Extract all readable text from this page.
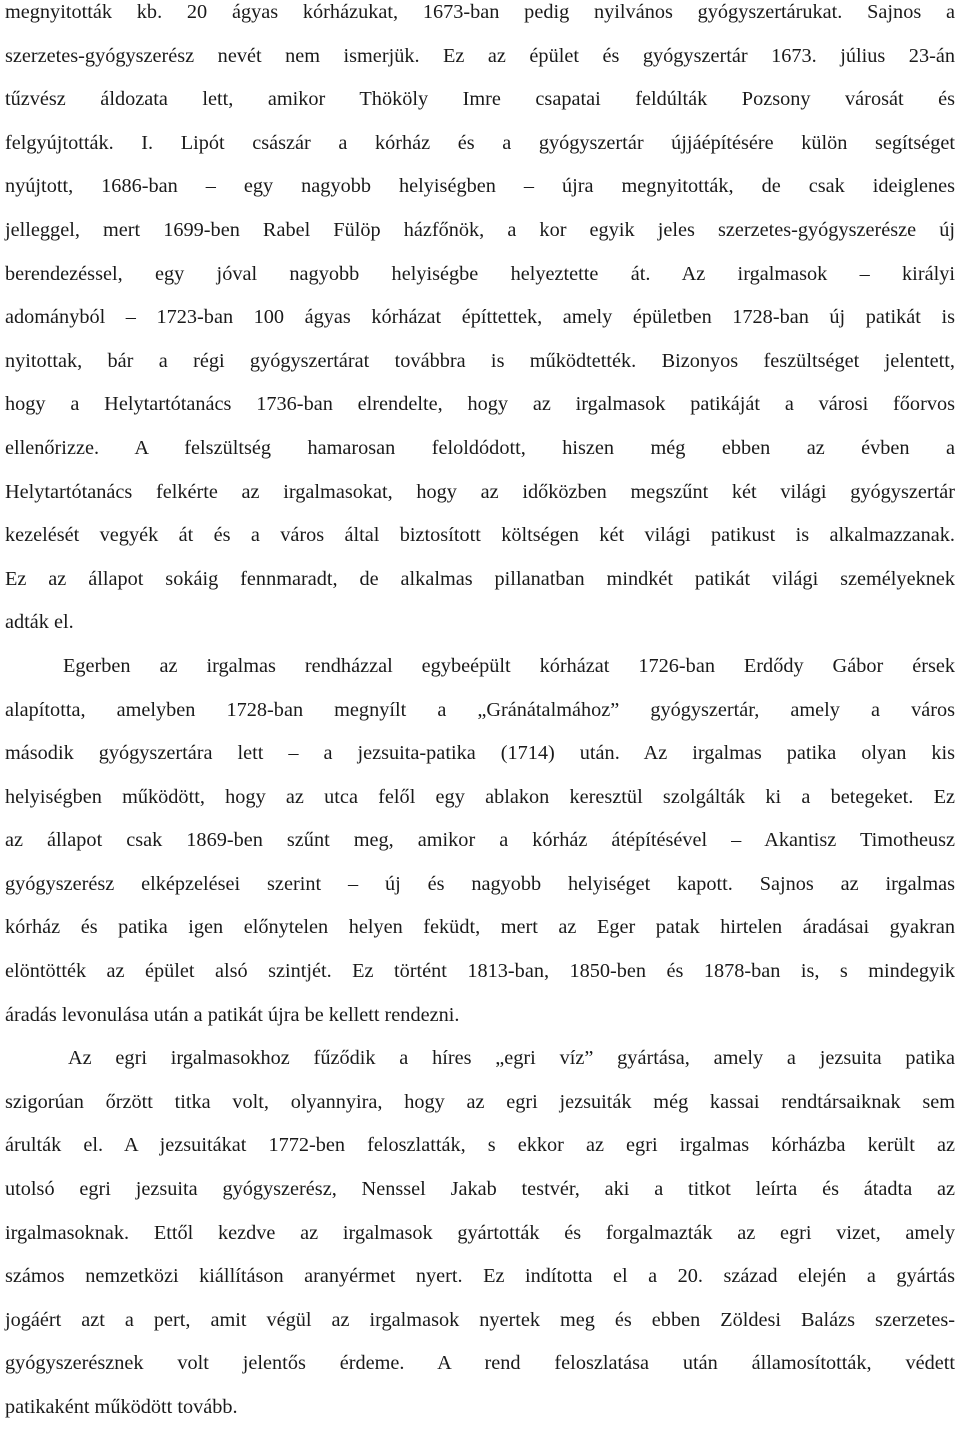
megnyitották kb. 20 ágyas kórházukat, 1673-ban pedig nyilvános gyógyszertárukat. Sajnos a
szerzetes-gyógyszerész nevét nem ismerjük. Ez az épület és gyógyszertár 1673. július 23-án
tűzvész áldozata lett, amikor Thököly Imre csapatai feldúlták Pozsony városát és
felgyújtották. I. Lipót császár a kórház és a gyógyszertár újjáépítésére külön segítséget
nyújtott, 1686-ban – egy nagyobb helyiségben – újra megnyitották, de csak ideiglenes
jelleggel, mert 1699-ben Rabel Fülöp házfőnök, a kor egyik jeles szerzetes-gyógyszerésze új
berendezéssel, egy jóval nagyobb helyiségbe helyeztette át. Az irgalmasok – királyi
adományból – 1723-ban 100 ágyas kórházat építtettek, amely épületben 1728-ban új patikát is
nyitottak, bár a régi gyógyszertárat továbbra is működtették. Bizonyos feszültséget jelentett,
hogy a Helytartótanács 1736-ban elrendelte, hogy az irgalmasok patikáját a városi főorvos
ellenőrizze. A felszültség hamarosan feloldódott, hiszen még ebben az évben a
Helytartótanács felkérte az irgalmasokat, hogy az időközben megszűnt két világi gyógyszertár
kezelését vegyék át és a város által biztosított költségen két világi patikust is alkalmazzanak.
Ez az állapot sokáig fennmaradt, de alkalmas pillanatban mindkét patikát világi személyeknek
adták el.
Egerben az irgalmas rendházzal egybeépült kórházat 1726-ban Erdődy Gábor érsek
alapította, amelyben 1728-ban megnyílt a „Gránátalmához” gyógyszertár, amely a város
második gyógyszertára lett – a jezsuita-patika (1714) után. Az irgalmas patika olyan kis
helyiségben működött, hogy az utca felől egy ablakon keresztül szolgálták ki a betegeket. Ez
az állapot csak 1869-ben szűnt meg, amikor a kórház átépítésével – Akantisz Timotheusz
gyógyszerész elképzelései szerint – új és nagyobb helyiséget kapott. Sajnos az irgalmas
kórház és patika igen előnytelen helyen feküdt, mert az Eger patak hirtelen áradásai gyakran
elöntötték az épület alsó szintjét. Ez történt 1813-ban, 1850-ben és 1878-ban is, s mindegyik
áradás levonulása után a patikát újra be kellett rendezni.
Az egri irgalmasokhoz fűződik a híres „egri víz” gyártása, amely a jezsuita patika
szigorúan őrzött titka volt, olyannyira, hogy az egri jezsuiták még kassai rendtársaiknak sem
árulták el. A jezsuitákat 1772-ben feloszlatták, s ekkor az egri irgalmas kórházba került az
utolsó egri jezsuita gyógyszerész, Nenssel Jakab testvér, aki a titkot leírta és átadta az
irgalmasoknak. Ettől kezdve az irgalmasok gyártották és forgalmazták az egri vizet, amely
számos nemzetközi kiállításon aranyérmet nyert. Ez indította el a 20. század elején a gyártás
jogáért azt a pert, amit végül az irgalmasok nyertek meg és ebben Zöldesi Balázs szerzetes-
gyógyszerésznek volt jelentős érdeme. A rend feloszlatása után államosították, védett
patikaként működött tovább.
